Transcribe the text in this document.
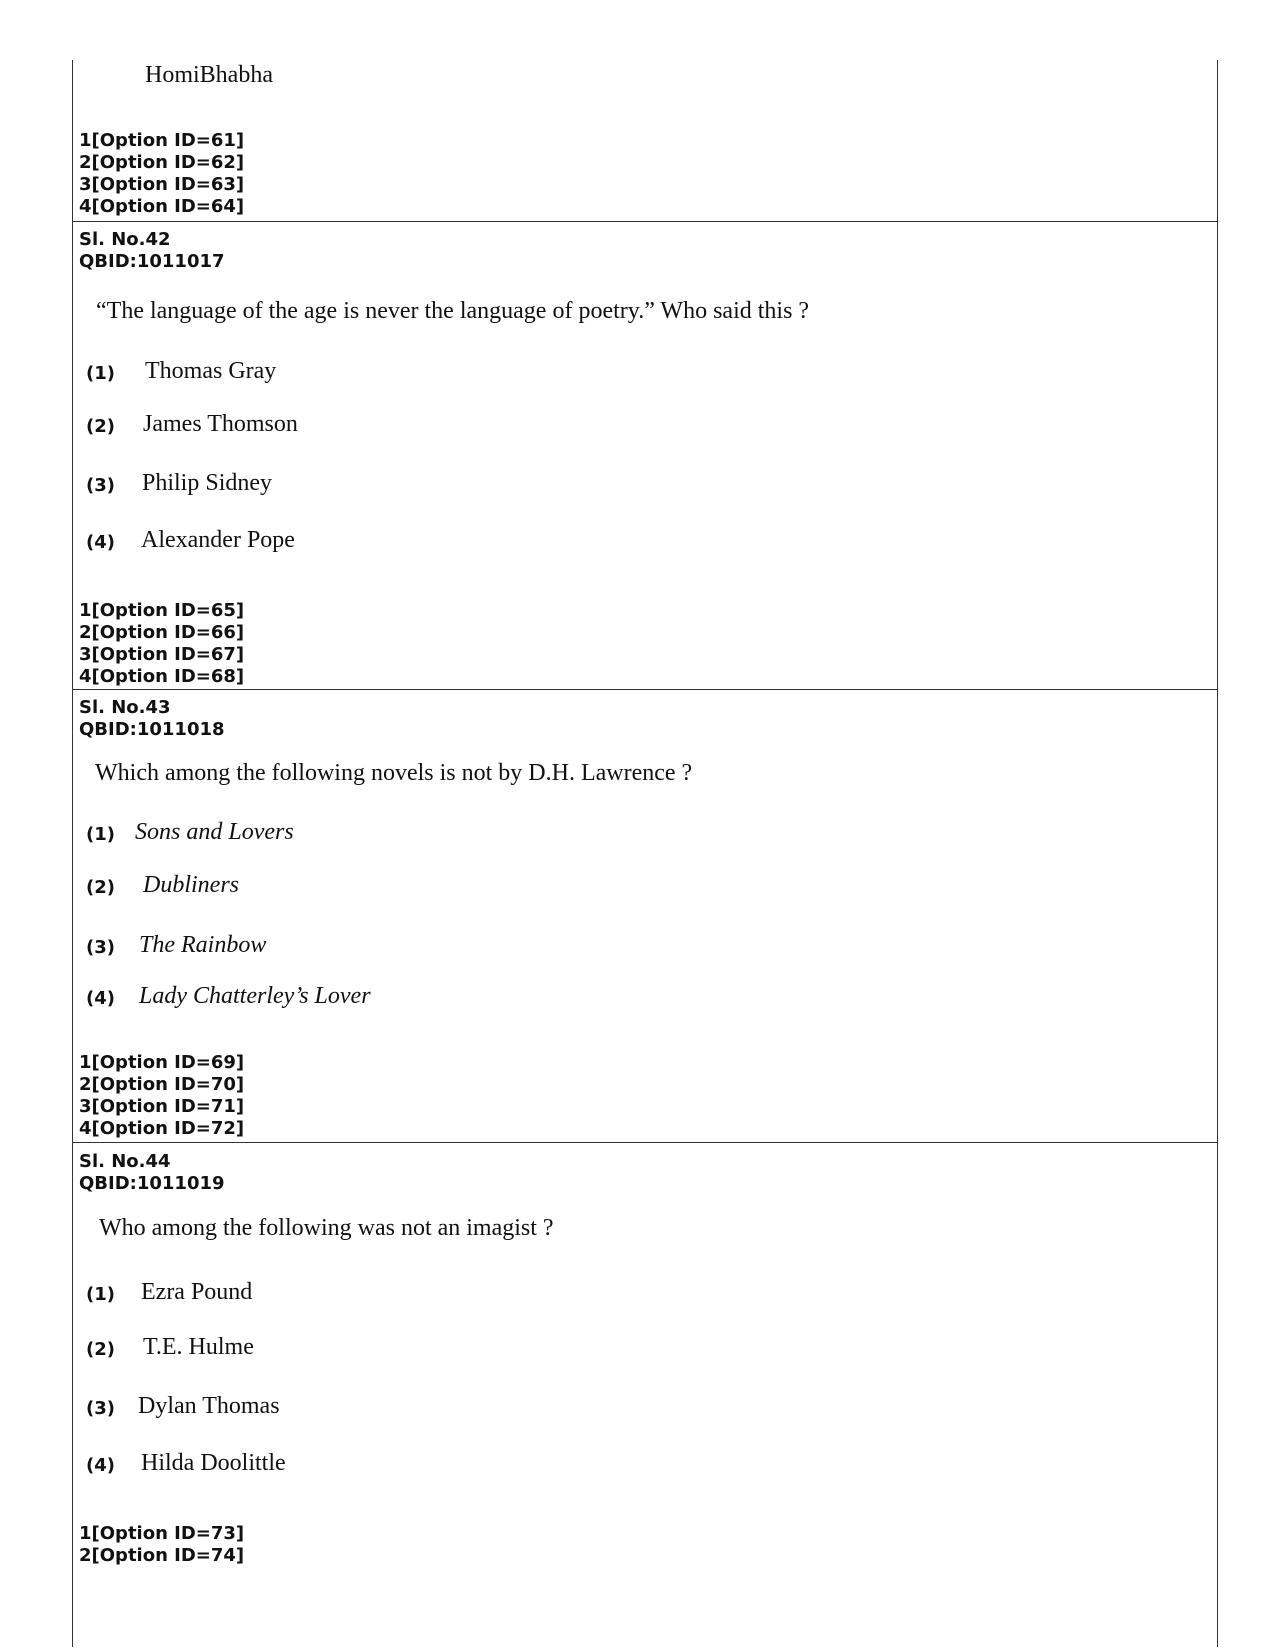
HomiBhabha
1[Option ID=61]
2[Option ID=62]
3[Option ID=63]
4[Option ID=64]
Sl. No.42
QBID:1011017
“The language of the age is never the language of poetry.” Who said this ?
(1) Thomas Gray
(2) James Thomson
(3) Philip Sidney
(4) Alexander Pope
1[Option ID=65]
2[Option ID=66]
3[Option ID=67]
4[Option ID=68]
Sl. No.43
QBID:1011018
Which among the following novels is not by D.H. Lawrence ?
(1) Sons and Lovers
(2) Dubliners
(3) The Rainbow
(4) Lady Chatterley’s Lover
1[Option ID=69]
2[Option ID=70]
3[Option ID=71]
4[Option ID=72]
Sl. No.44
QBID:1011019
Who among the following was not an imagist ?
(1) Ezra Pound
(2) T.E. Hulme
(3) Dylan Thomas
(4) Hilda Doolittle
1[Option ID=73]
2[Option ID=74]
